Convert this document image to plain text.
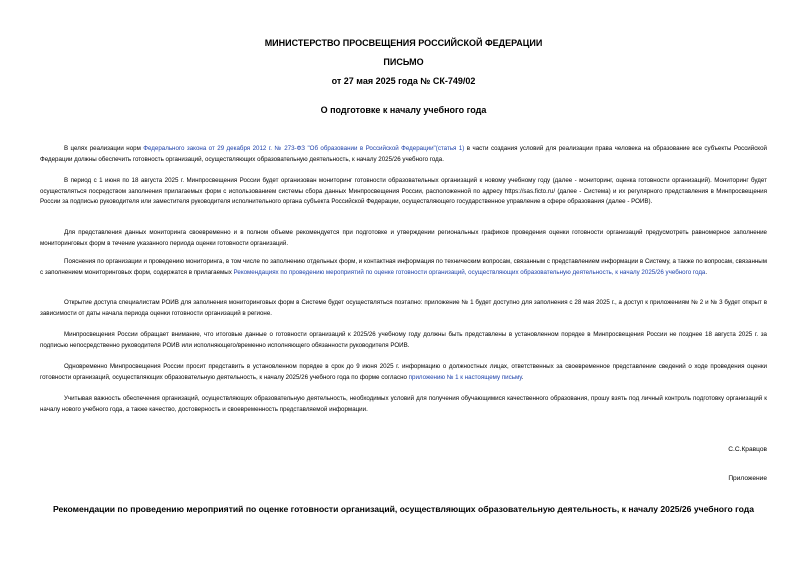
МИНИСТЕРСТВО ПРОСВЕЩЕНИЯ РОССИЙСКОЙ ФЕДЕРАЦИИ
ПИСЬМО
от 27 мая 2025 года № СК-749/02
О подготовке к началу учебного года

В целях реализации норм Федерального закона от 29 декабря 2012 г. № 273-ФЗ "Об образовании в Российской Федерации"(статья 1) в части создания условий для реализации права человека на образование все субъекты Российской Федерации должны обеспечить готовность организаций, осуществляющих образовательную деятельность, к началу 2025/26 учебного года.

В период с 1 июня по 18 августа 2025 г. Минпросвещения России будет организован мониторинг готовности образовательных организаций к новому учебному году (далее - мониторинг, оценка готовности организаций). Мониторинг будет осуществляться посредством заполнения прилагаемых форм с использованием системы сбора данных Минпросвещения России, расположенной по адресу https://sas.ficto.ru/ (далее - Система) и их регулярного представления в Минпросвещения России за подписью руководителя или заместителя руководителя исполнительного органа субъекта Российской Федерации, осуществляющего государственное управление в сфере образования (далее - РОИВ).

Для представления данных мониторинга своевременно и в полном объеме рекомендуется при подготовке и утверждении региональных графиков проведения оценки готовности организаций предусмотреть равномерное заполнение мониторинговых форм в течение указанного периода оценки готовности организаций.

Пояснения по организации и проведению мониторинга, в том числе по заполнению отдельных форм, и контактная информация по техническим вопросам, связанным с представлением информации в Систему, а также по вопросам, связанным с заполнением мониторинговых форм, содержатся в прилагаемых Рекомендациях по проведению мероприятий по оценке готовности организаций, осуществляющих образовательную деятельность, к началу 2025/26 учебного года.

Открытие доступа специалистам РОИВ для заполнения мониторинговых форм в Системе будет осуществляться поэтапно: приложение № 1 будет доступно для заполнения с 28 мая 2025 г., а доступ к приложениям № 2 и № 3 будет открыт в зависимости от даты начала периода оценки готовности организаций в регионе.

Минпросвещения России обращает внимание, что итоговые данные о готовности организаций к 2025/26 учебному году должны быть представлены в установленном порядке в Минпросвещения России не позднее 18 августа 2025 г. за подписью непосредственно руководителя РОИВ или исполняющего/временно исполняющего обязанности руководителя РОИВ.

Одновременно Минпросвещения России просит представить в установленном порядке в срок до 9 июня 2025 г. информацию о должностных лицах, ответственных за своевременное представление сведений о ходе проведения оценки готовности организаций, осуществляющих образовательную деятельность, к началу 2025/26 учебного года по форме согласно приложению № 1 к настоящему письму.

Учитывая важность обеспечения организаций, осуществляющих образовательную деятельность, необходимых условий для получения обучающимися качественного образования, прошу взять под личный контроль подготовку организаций к началу нового учебного года, а также качество, достоверность и своевременность представляемой информации.

С.С.Кравцов
Приложение
Рекомендации по проведению мероприятий по оценке готовности организаций, осуществляющих образовательную деятельность, к началу 2025/26 учебного года
